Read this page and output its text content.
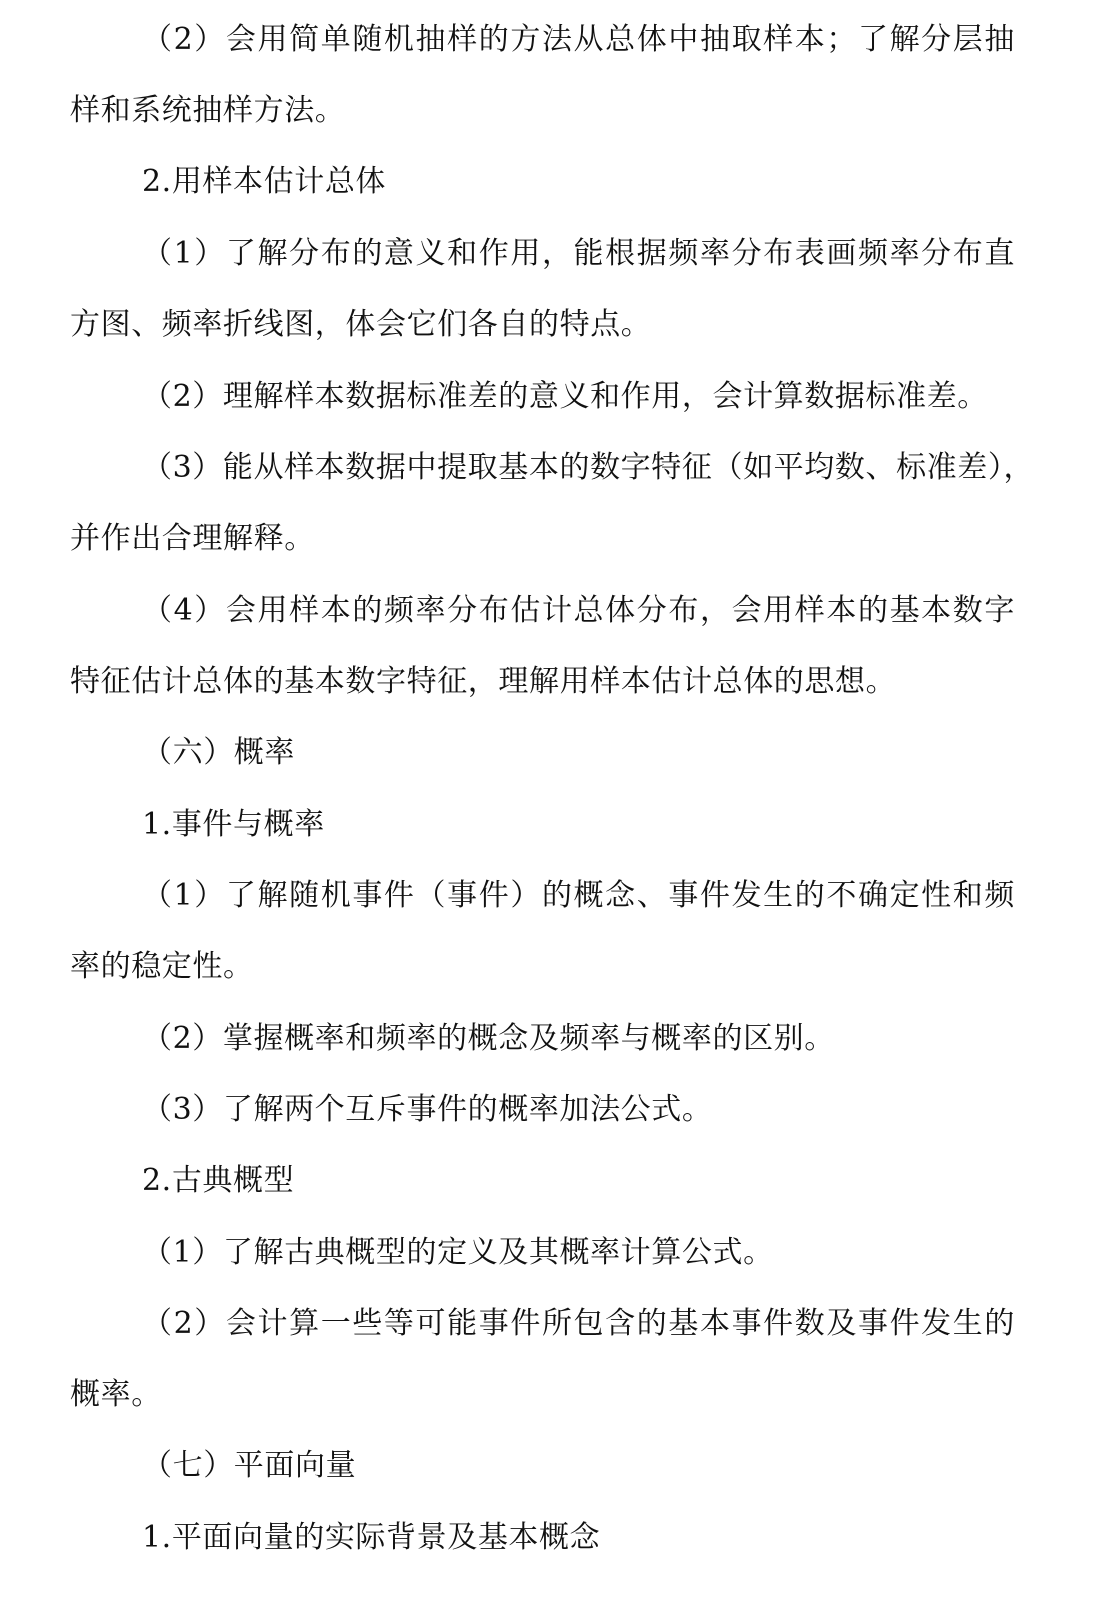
（2）会用简单随机抽样的方法从总体中抽取样本；了解分层抽
样和系统抽样方法。
2.用样本估计总体
（1）了解分布的意义和作用，能根据频率分布表画频率分布直
方图、频率折线图，体会它们各自的特点。
（2）理解样本数据标准差的意义和作用，会计算数据标准差。
（3）能从样本数据中提取基本的数字特征（如平均数、标准差），
并作出合理解释。
（4）会用样本的频率分布估计总体分布，会用样本的基本数字
特征估计总体的基本数字特征，理解用样本估计总体的思想。
（六）概率
1.事件与概率
（1）了解随机事件（事件）的概念、事件发生的不确定性和频
率的稳定性。
（2）掌握概率和频率的概念及频率与概率的区别。
（3）了解两个互斥事件的概率加法公式。
2.古典概型
（1）了解古典概型的定义及其概率计算公式。
（2）会计算一些等可能事件所包含的基本事件数及事件发生的
概率。
（七）平面向量
1.平面向量的实际背景及基本概念
